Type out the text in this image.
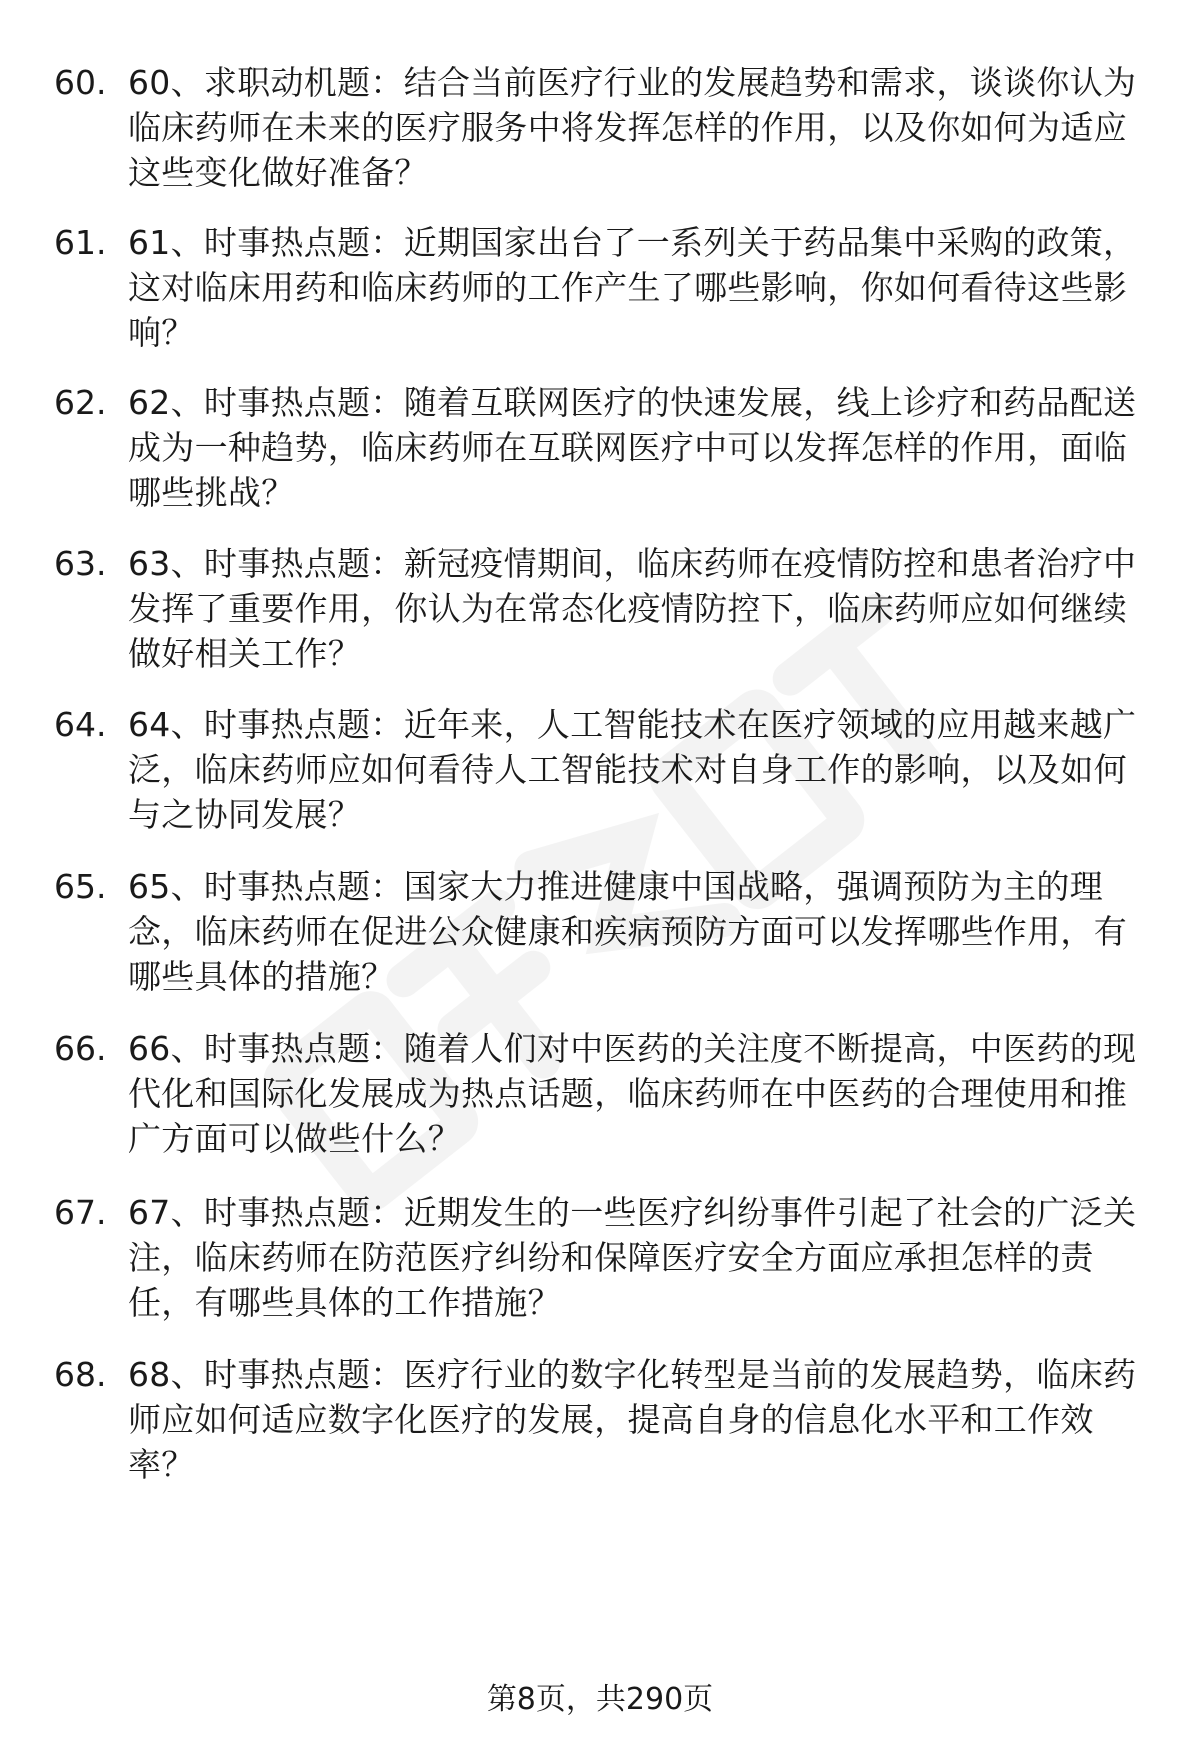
60. 60、求职动机题：结合当前医疗行业的发展趋势和需求，谈谈你认为临床药师在未来的医疗服务中将发挥怎样的作用，以及你如何为适应这些变化做好准备？
61. 61、时事热点题：近期国家出台了一系列关于药品集中采购的政策，这对临床用药和临床药师的工作产生了哪些影响，你如何看待这些影响？
62. 62、时事热点题：随着互联网医疗的快速发展，线上诊疗和药品配送成为一种趋势，临床药师在互联网医疗中可以发挥怎样的作用，面临哪些挑战？
63. 63、时事热点题：新冠疫情期间，临床药师在疫情防控和患者治疗中发挥了重要作用，你认为在常态化疫情防控下，临床药师应如何继续做好相关工作？
64. 64、时事热点题：近年来，人工智能技术在医疗领域的应用越来越广泛，临床药师应如何看待人工智能技术对自身工作的影响，以及如何与之协同发展？
65. 65、时事热点题：国家大力推进健康中国战略，强调预防为主的理念，临床药师在促进公众健康和疾病预防方面可以发挥哪些作用，有哪些具体的措施？
66. 66、时事热点题：随着人们对中医药的关注度不断提高，中医药的现代化和国际化发展成为热点话题，临床药师在中医药的合理使用和推广方面可以做些什么？
67. 67、时事热点题：近期发生的一些医疗纠纷事件引起了社会的广泛关注，临床药师在防范医疗纠纷和保障医疗安全方面应承担怎样的责任，有哪些具体的工作措施？
68. 68、时事热点题：医疗行业的数字化转型是当前的发展趋势，临床药师应如何适应数字化医疗的发展，提高自身的信息化水平和工作效率？
第8页，共290页
